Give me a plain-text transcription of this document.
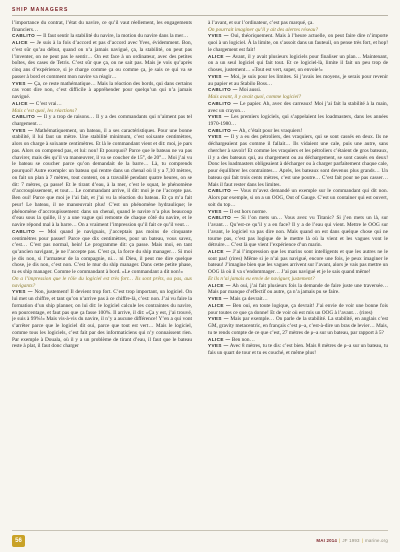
SHIP MANAGERS

l’importance du contrat, l’état du navire, ce qu’il vaut réellement, les engagements financiers…

CABLITO — Il faut sentir la stabilité du navire, la motion du navire dans la mer…

ALICE — Je suis à la fois d’accord et pas d’accord avec Yves, évidemment. Bon, c’est sûr qu’au début, quand on n’a jamais navigué, ça, la stabilité, on peut pas l’inventer, on ne peut pas le sentir… On est face à un ordinateur, avec des petites boîtes, des cases de Tetris. C’est sûr que ça, on ne sait pas. Mais je vois qu’après cinq ans d’expérience, si je charge comme ça ou comme ça, je sais ce qui va se passer à bord et comment mon navire va réagir…

YVES — Ça, ce reste mathématique… Mais la réaction des bords, qui dans certains cas vont dire non, c’est difficile à appréhender pour quelqu’un qui n’a jamais navigué.

ALICE — C’est vrai…

Mais c’est quoi, les réactions?

CABLITO — Il y a trop de raisons… Il y a des commandants qui n’aiment pas tel chargement…

YVES — Mathématiquement, un bateau, il a ses caractéristiques. Pour une bonne stabilité, il lui faut un mètre. Une stabilité minimum, c’est soixante centimètres, alors on charge à soixante centimètres. Et là le commandant vient et dit: moi, je pars pas. Alors on comprend pas, et lui: non! Et pourquoi? Parce que le bateau ne va pas chavirer, mais dès qu’il va manœuvrer, il va se coucher de 15°, de 20°… Moi j’ai vu le bateau se coucher parce qu’on demandait de la barre… Là, tu comprends pourquoi! Autre exemple: un bateau qui rentre dans un chenal où il y a 7,10 mètres, on fait un plan à 7 mètres, tout content, on a travaillé pendant quatre heures, on se dit: 7 mètres, ça passe! Et le tirant d’eau, à la mer, c’est le squat, le phénomène d’accroupissement, et tout… Le commandant arrive, il dit: moi je ne l’accepte pas. Ben oui! Parce que moi je l’ai fait, et j’ai vu la réaction du bateau. Et ça m’a fait peur! Le bateau, il ne manœuvrait plus! C’est un phénomène hydraulique; le phénomène d’accroupissement: dans un chenal, quand le navire n’a plus beaucoup d’eau sous la quille, il y a une vague qui remonte de chaque côté du navire, et le navire répond mal à la barre… On a vraiment l’impression qu’il fait ce qu’il veut…

CABLITO — Moi quand je naviguais, j’acceptais pas moins de cinquante centimètres pour passer! Parce que dix centimètres, pour un bateau, vous savez, c’est… C’est pas normal, hein! Le programme dit: ça passe. Mais moi, en tant qu’ancien navigant, je ne l’accepte pas. C’est ça, la force du ship manager… Si moi je dis non, si l’armateur de la compagnie, ni… ni Dieu, il peut me dire quelque chose, je dis non, c’est non. C’est le mur du ship manager. Dans cette petite phase, tu es ship manager. Comme le commandant à bord. «Le commandant a dit non!»

On a l’impression que le rôle du logiciel est très fort… Ils sont prêts, ou pas, aux navigants?

YVES — Non, justement! Il devient trop fort. C’est trop important, un logiciel. On lui met un chiffre, et tant qu’on n’arrive pas à ce chiffre-là, c’est: non. J’ai vu faire la formation d’un ship planner, on lui dit: le logiciel calcule les contraintes du navire, en pourcentage, et faut pas que ça fasse 100%. Il arrive, il dit: «Ça y est, j’ai trouvé, je suis à 99%!» Mais vis-à-vis du navire, il n’y a aucune différence! Y’en a qui vont s’arrêter parce que le logiciel dit oui, parce que tout est vert… Mais le logiciel, comme tous les logiciels, c’est fait par des informaticiens qui n’y connaissent rien. Par exemple à Douala, où il y a un problème de tirant d’eau, il faut que le bateau reste à plat, il faut donc charger

à l’avant, et sur l’ordinateur, c’est pas marqué, ça.

On pourrait imaginer qu’il y ait des alertes réseau?

YVES — Oui, théoriquement. Mais à l’heure actuelle, on peut faire dire n’importe quoi à un logiciel. À la limite, on s’assoit dans un fauteuil, on pense très fort, et hop! le chargement est fait!

ALICE — Avant, il y avait plusieurs logiciels pour finaliser un plan… Maintenant, on a un seul logiciel qui fait tout. Et ce logiciel-là, limite il fait un peu trop de choses, justement… «Tout est vert, super, on envoie!»

YVES — Moi, je suis pour les limites. Si j’avais les moyens, je serais pour revenir au papier et au Stabilo Boss…

CABLITO — Moi aussi.

Mais avant, il y avait quoi, comme logiciel?

CABLITO — Le papier. Ah, avec des carreaux! Moi j’ai fait la stabilité à la main, avec un crayon…

YVES — Les premiers logiciels, qui s’appelaient les loadmasters, dans les années 1970-1980…

CABLITO — Ah, c’était pour les vraquiers!

YVES — Il y a eu des pétroliers, des vraquiers, qui se sont cassés en deux. Ils ne déchargeaient pas comme il fallait… Ils vidaient une cale, puis une autre, sans chercher à savoir! Et comme les vraquiers et les pétroliers c’étaient de gros bateaux, il y a des bateaux qui, au chargement ou au déchargement, se sont cassés en deux! Donc les loadmasters obligeaient à décharger ou à charger parfaitement chaque cale, pour équilibrer les contraintes… Après, les bateaux sont devenus plus grands… Un bateau qui fait trois cents mètres, c’est une poutre… C’est fait pour ne pas casser… Mais il faut rester dans les limites.

CABLITO — Vous m’avez demandé un exemple sur le commandant qui dit non. Alors par exemple, si on a un OOG, Out of Gauge. C’est un container qui est ouvert, soit du top…

YVES — Il est hors norme.

CABLITO — Si l’on mets un… Vous avez vu Titanic? Si j’en mets un là, sur l’avant… Qu’est-ce qu’il y a en face? Il y a de l’eau qui vient. Mettre le OOG sur l’avant, le logiciel va pas dire non. Mais quand on est dans quelque chose qui ne tourne pas, c’est pas logique de le mettre là où la vient et les vagues vont le détruire… C’est là que vient l’expérience d’un marin.

ALICE — J’ai l’impression que les marins sont intelligents et que les autres ne le sont pas! (rires) Même si je n’ai pas navigué, encore une fois, je peux imaginer le bateau! J’imagine bien que les vagues arrivent sur l’avant, alors je vais pas mettre un OOG là où il va s’endommager… J’ai pas navigué et je le sais quand même!

Et ils n’ai jamais eu envie de naviguer, justement?

ALICE — Ah oui, j’ai fait plusieurs fois la demande de faire juste une traversée… Mais par manque d’effectif ou autre, ça n’a jamais pu se faire.

YVES — Mais ça devrait…

ALICE — Ben oui, en toute logique, ça devrait! J’ai envie de voir une bonne fois pour toutes ce que ça donne! Et de voir où est mis un OOG à l’avant… (rires)

YVES — Mais par exemple… On parle de la stabilité. La stabilité, en anglais c’est GM, gravity metacentric, en français c’est ρ–a, c’est-à-dire un bras de levier… Mais, tu te rends compte de ce que c’est, 27 mètres de ρ–a sur un bateau, par rapport à 5?

ALICE — Ben non…

YVES — Avec 8 mètres, tu te dis: c’est bien. Mais 8 mètres de ρ–a sur un bateau, tu fais un quart de tour et tu es couché, et même plus!

56	MAI 2014 | JF 1993 | marine.org
